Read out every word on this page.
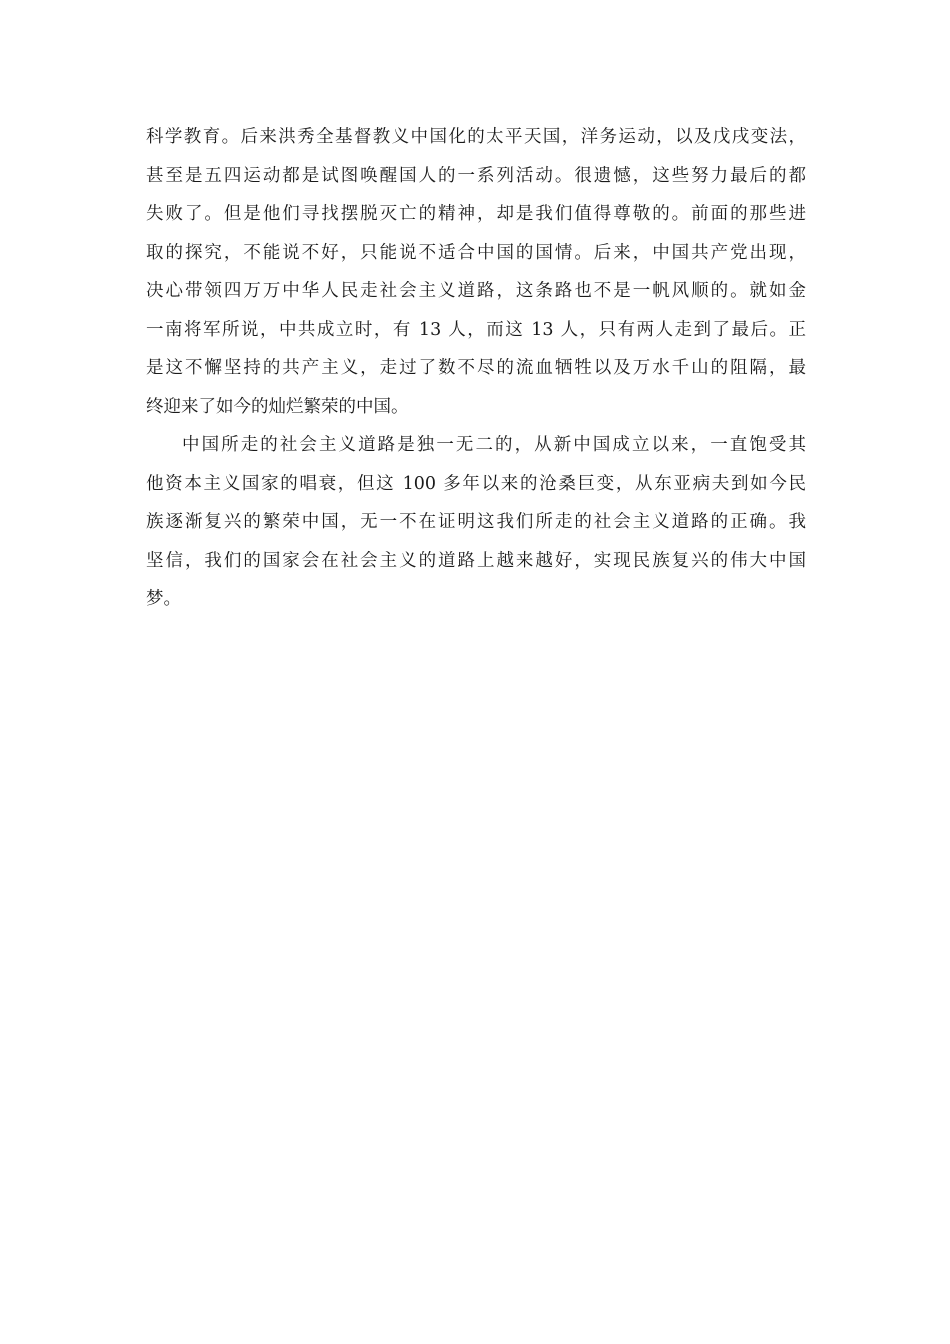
科学教育。后来洪秀全基督教义中国化的太平天国，洋务运动，以及戊戌变法，
甚至是五四运动都是试图唤醒国人的一系列活动。很遗憾，这些努力最后的都
失败了。但是他们寻找摆脱灭亡的精神，却是我们值得尊敬的。前面的那些进
取的探究，不能说不好，只能说不适合中国的国情。后来，中国共产党出现，
决心带领四万万中华人民走社会主义道路，这条路也不是一帆风顺的。就如金
一南将军所说，中共成立时，有 13 人，而这 13 人，只有两人走到了最后。正
是这不懈坚持的共产主义，走过了数不尽的流血牺牲以及万水千山的阻隔，最
终迎来了如今的灿烂繁荣的中国。
中国所走的社会主义道路是独一无二的，从新中国成立以来，一直饱受其
他资本主义国家的唱衰，但这 100 多年以来的沧桑巨变，从东亚病夫到如今民
族逐渐复兴的繁荣中国，无一不在证明这我们所走的社会主义道路的正确。我
坚信，我们的国家会在社会主义的道路上越来越好，实现民族复兴的伟大中国
梦。
